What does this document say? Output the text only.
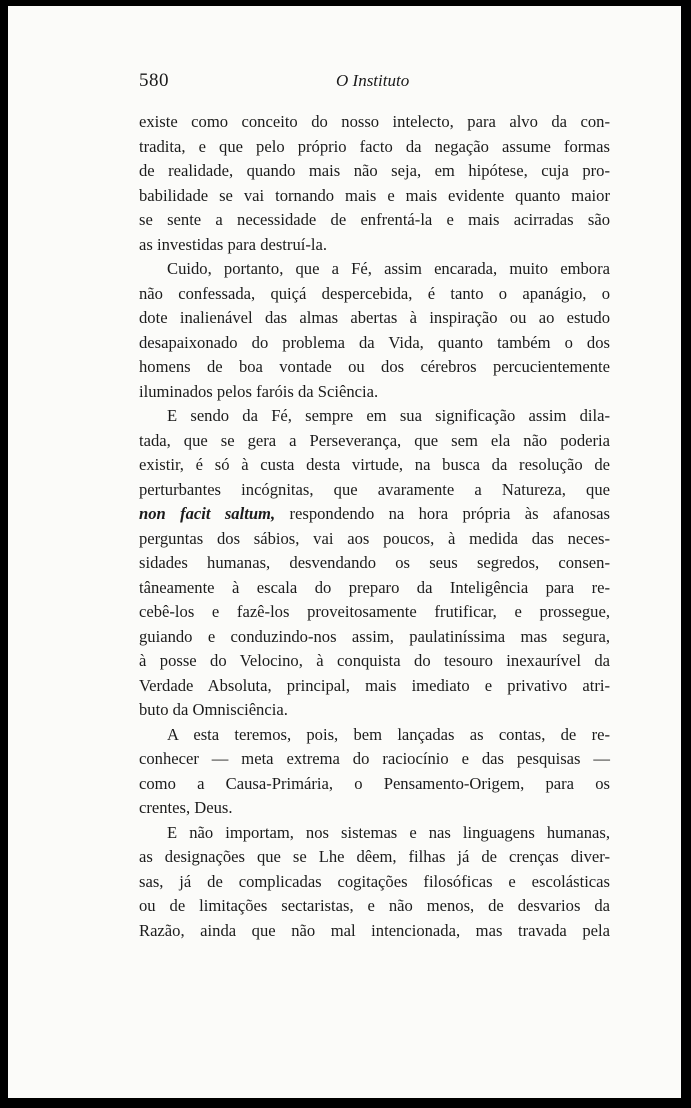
580	O Instituto
existe como conceito do nosso intelecto, para alvo da con-
tradita, e que pelo próprio facto da negação assume formas
de realidade, quando mais não seja, em hipótese, cuja pro-
babilidade se vai tornando mais e mais evidente quanto maior
se sente a necessidade de enfrentá-la e mais acirradas são
as investidas para destruí-la.
Cuido, portanto, que a Fé, assim encarada, muito embora
não confessada, quiçá despercebida, é tanto o apanágio, o
dote inalienável das almas abertas à inspiração ou ao estudo
desapaixonado do problema da Vida, quanto também o dos
homens de boa vontade ou dos cérebros percucientemente
iluminados pelos faróis da Sciência.
E sendo da Fé, sempre em sua significação assim dila-
tada, que se gera a Perseverança, que sem ela não poderia
existir, é só à custa desta virtude, na busca da resolução de
perturbantes incógnitas, que avaramente a Natureza, que
non facit saltum, respondendo na hora própria às afanosas
perguntas dos sábios, vai aos poucos, à medida das neces-
sidades humanas, desvendando os seus segredos, consen-
tâneamente à escala do preparo da Inteligência para re-
cebê-los e fazê-los proveitosamente frutificar, e prossegue,
guiando e conduzindo-nos assim, paulatiníssima mas segura,
à posse do Velocino, à conquista do tesouro inexaurível da
Verdade Absoluta, principal, mais imediato e privativo atri-
buto da Omnisciência.
A esta teremos, pois, bem lançadas as contas, de re-
conhecer — meta extrema do raciocínio e das pesquisas —
como a Causa-Primária, o Pensamento-Origem, para os
crentes, Deus.
E não importam, nos sistemas e nas linguagens humanas,
as designações que se Lhe dêem, filhas já de crenças diver-
sas, já de complicadas cogitações filosóficas e escolásticas
ou de limitações sectaristas, e não menos, de desvarios da
Razão, ainda que não mal intencionada, mas travada pela
